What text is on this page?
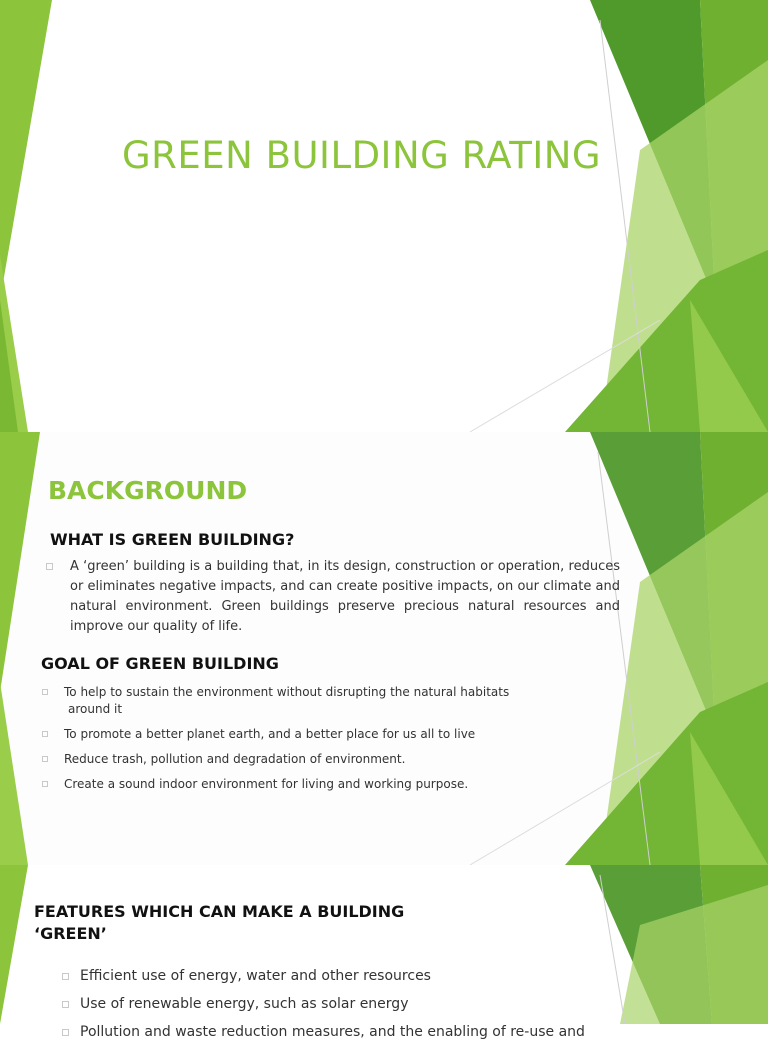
GREEN BUILDING RATING
BACKGROUND
WHAT IS GREEN BUILDING?
A ‘green’ building is a building that, in its design, construction or operation, reduces or eliminates negative impacts, and can create positive impacts, on our climate and natural environment. Green buildings preserve precious natural resources and improve our quality of life.
GOAL OF GREEN BUILDING
To help to sustain the environment without disrupting the natural habitats
around it
To promote a better planet earth, and a better place for us all to live
Reduce trash, pollution and degradation of environment.
Create a sound indoor environment for living and working purpose.
FEATURES WHICH CAN MAKE A BUILDING
‘GREEN’
Efficient use of energy, water and other resources
Use of renewable energy, such as solar energy
Pollution and waste reduction measures, and the enabling of re-use and
